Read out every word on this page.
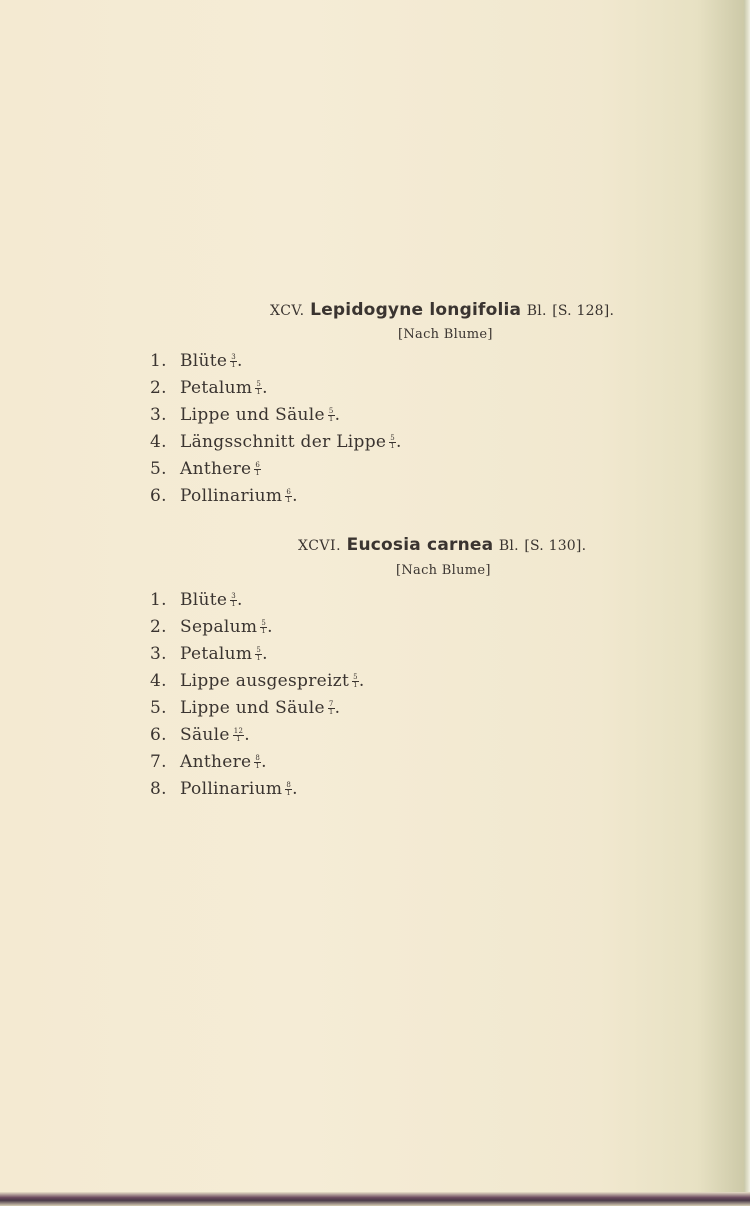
XCV. Lepidogyne longifolia Bl. [S. 128].
[Nach Blume]
1. Blüte $\frac{3}{1}$ .
2. Petalum $\frac{5}{1}$ .
3. Lippe und Säule $\frac{5}{1}$ .
4. Längsschnitt der Lippe $\frac{5}{1}$ .
5. Anthere $\frac{6}{1}$
6. Pollinarium $\frac{6}{1}$ .
XCVI. Eucosia carnea Bl. [S. 130].
[Nach Blume]
1. Blüte $\frac{3}{1}$ .
2. Sepalum $\frac{5}{1}$ .
3. Petalum $\frac{5}{1}$ .
4. Lippe ausgespreizt $\frac{5}{1}$ .
5. Lippe und Säule $\frac{7}{1}$ .
6. Säule $\frac{12}{1}$ .
7. Anthere $\frac{8}{1}$ .
8. Pollinarium $\frac{8}{1}$ .
